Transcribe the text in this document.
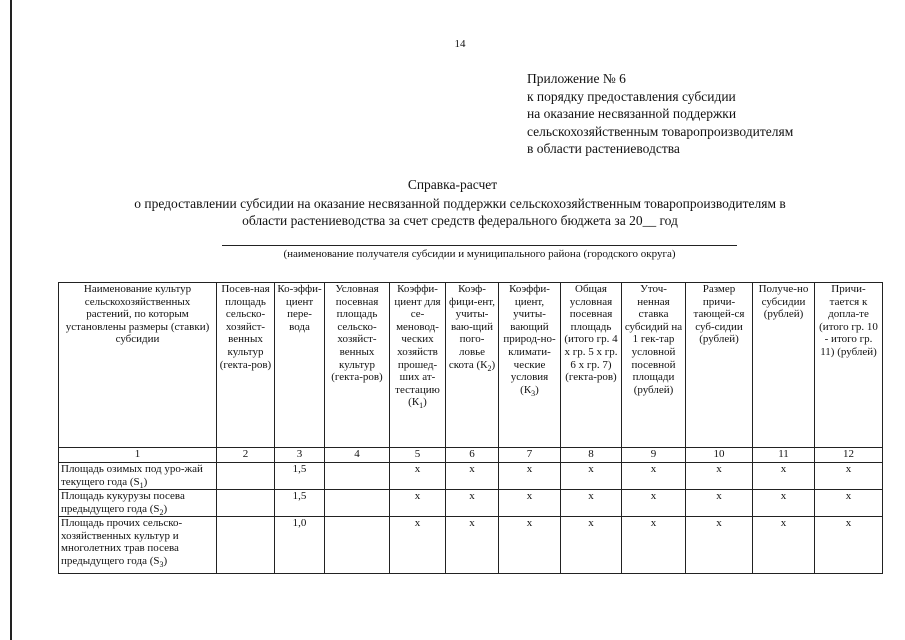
14
Приложение № 6
к порядку предоставления субсидии
на оказание несвязанной поддержки
сельскохозяйственным товаропроизводителям
в области растениеводства
Справка-расчет
о предоставлении субсидии на оказание несвязанной поддержки сельскохозяйственным товаропроизводителям в
области растениеводства за счет средств федерального бюджета за 20__ год
(наименование получателя субсидии и муниципального района (городского округа)
Наименование культур сельскохозяйственных растений, по которым установлены размеры (ставки) субсидии	Посев-ная площадь сельско-хозяйст-венных культур (гекта-ров)	Ко-эффи-циент пере-вода	Условная посевная площадь сельско-хозяйст-венных культур (гекта-ров)	Коэффи-циент для се-меновод-ческих хозяйств прошед-ших ат-тестацию $(К_1)$	Коэф-фици-ент, учиты-ваю-щий пого-ловье скота $(К_2)$	Коэффи-циент, учиты-вающий природ-но-климати-ческие условия $(К_3)$	Общая условная посевная площадь (итого гр. 4 х гр. 5 х гр. 6 х гр. 7) (гекта-ров)	Уточ-ненная ставка субсидий на 1 гек-тар условной посевной площади (рублей)	Размер причи-тающей-ся суб-сидии (рублей)	Получе-но субсидии (рублей)	Причи-тается к допла-те (итого гр. 10 - итого гр. 11) (рублей)
1	2	3	4	5	6	7	8	9	10	11	12
Площадь озимых под уро-жай текущего года $(S_1)$		1,5		x	x	x	x	x	x	x	x
Площадь кукурузы посева предыдущего года $(S_2)$		1,5		x	x	x	x	x	x	x	x
Площадь прочих сельско-хозяйственных культур и многолетних трав посева предыдущего года $(S_3)$		1,0		x	x	x	x	x	x	x	x
